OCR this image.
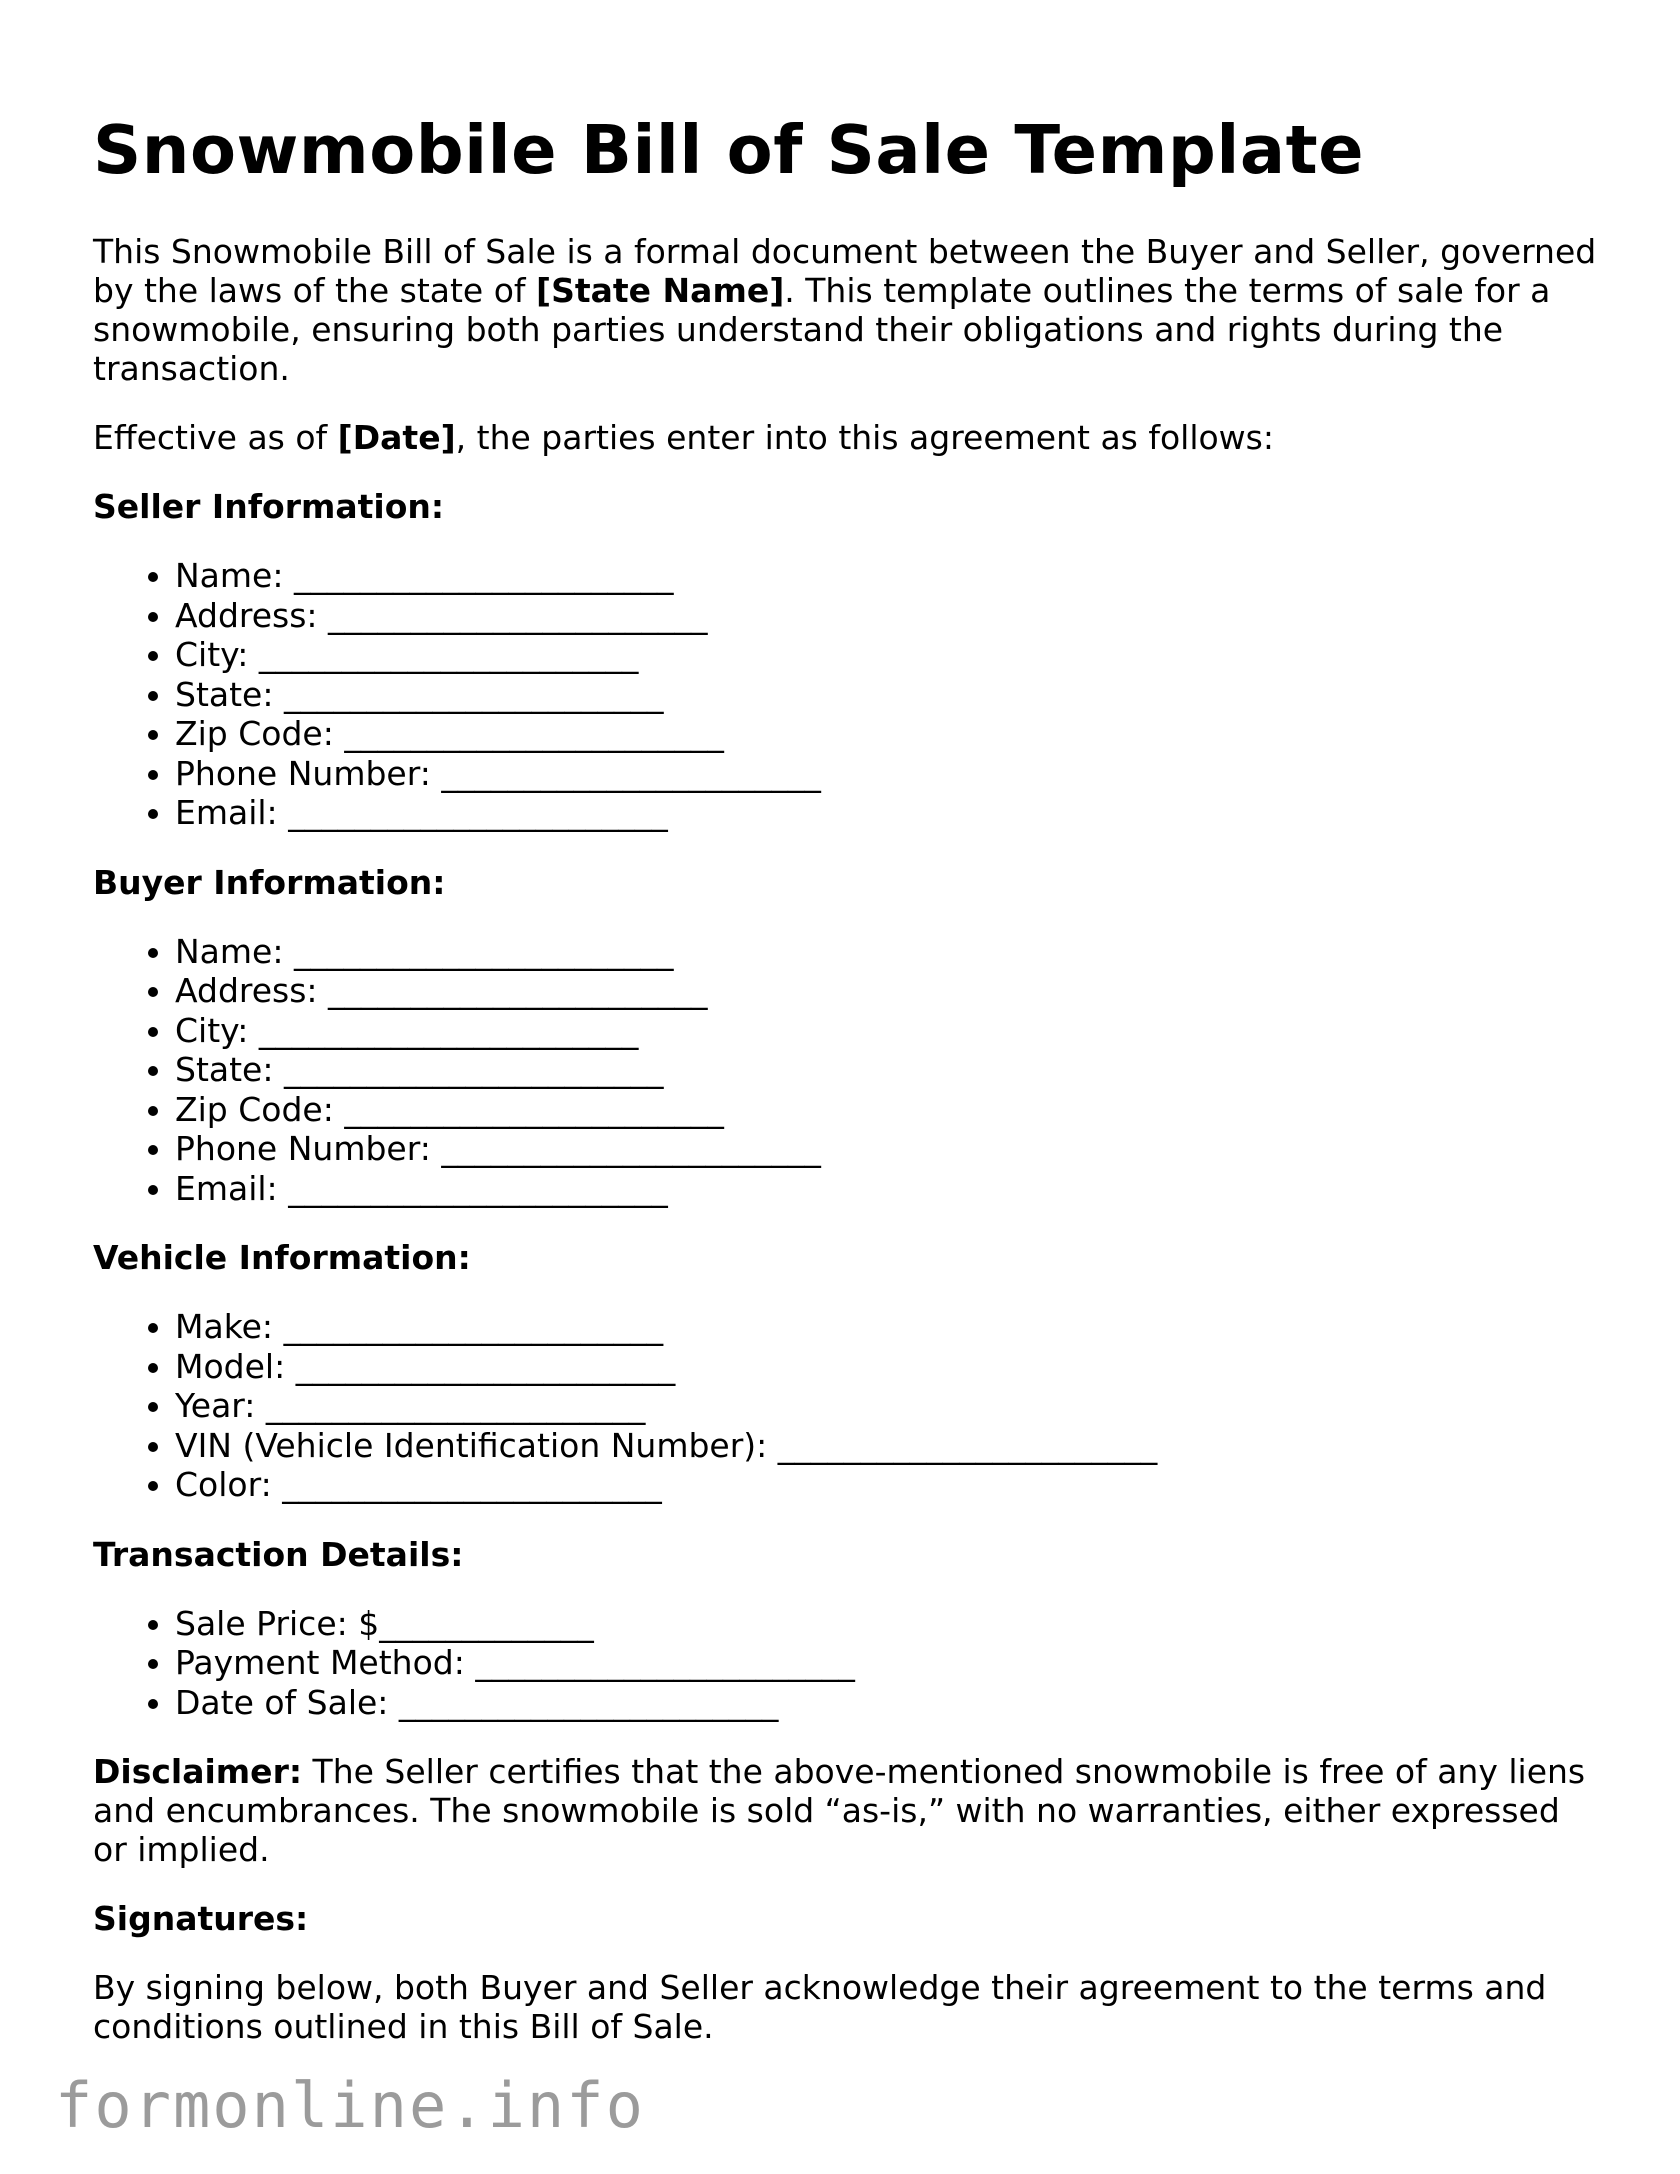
Snowmobile Bill of Sale Template

This Snowmobile Bill of Sale is a formal document between the Buyer and Seller, governed by the laws of the state of [State Name]. This template outlines the terms of sale for a snowmobile, ensuring both parties understand their obligations and rights during the transaction.

Effective as of [Date], the parties enter into this agreement as follows:

Seller Information:
• Name: _______________________
• Address: _______________________
• City: _______________________
• State: _______________________
• Zip Code: _______________________
• Phone Number: _______________________
• Email: _______________________
Buyer Information:
• Name: _______________________
• Address: _______________________
• City: _______________________
• State: _______________________
• Zip Code: _______________________
• Phone Number: _______________________
• Email: _______________________
Vehicle Information:
• Make: _______________________
• Model: _______________________
• Year: _______________________
• VIN (Vehicle Identification Number): _______________________
• Color: _______________________
Transaction Details:
• Sale Price: $_____________
• Payment Method: _______________________
• Date of Sale: _______________________

Disclaimer: The Seller certifies that the above-mentioned snowmobile is free of any liens and encumbrances. The snowmobile is sold “as-is,” with no warranties, either expressed or implied.

Signatures:

By signing below, both Buyer and Seller acknowledge their agreement to the terms and conditions outlined in this Bill of Sale.

formonline.info
